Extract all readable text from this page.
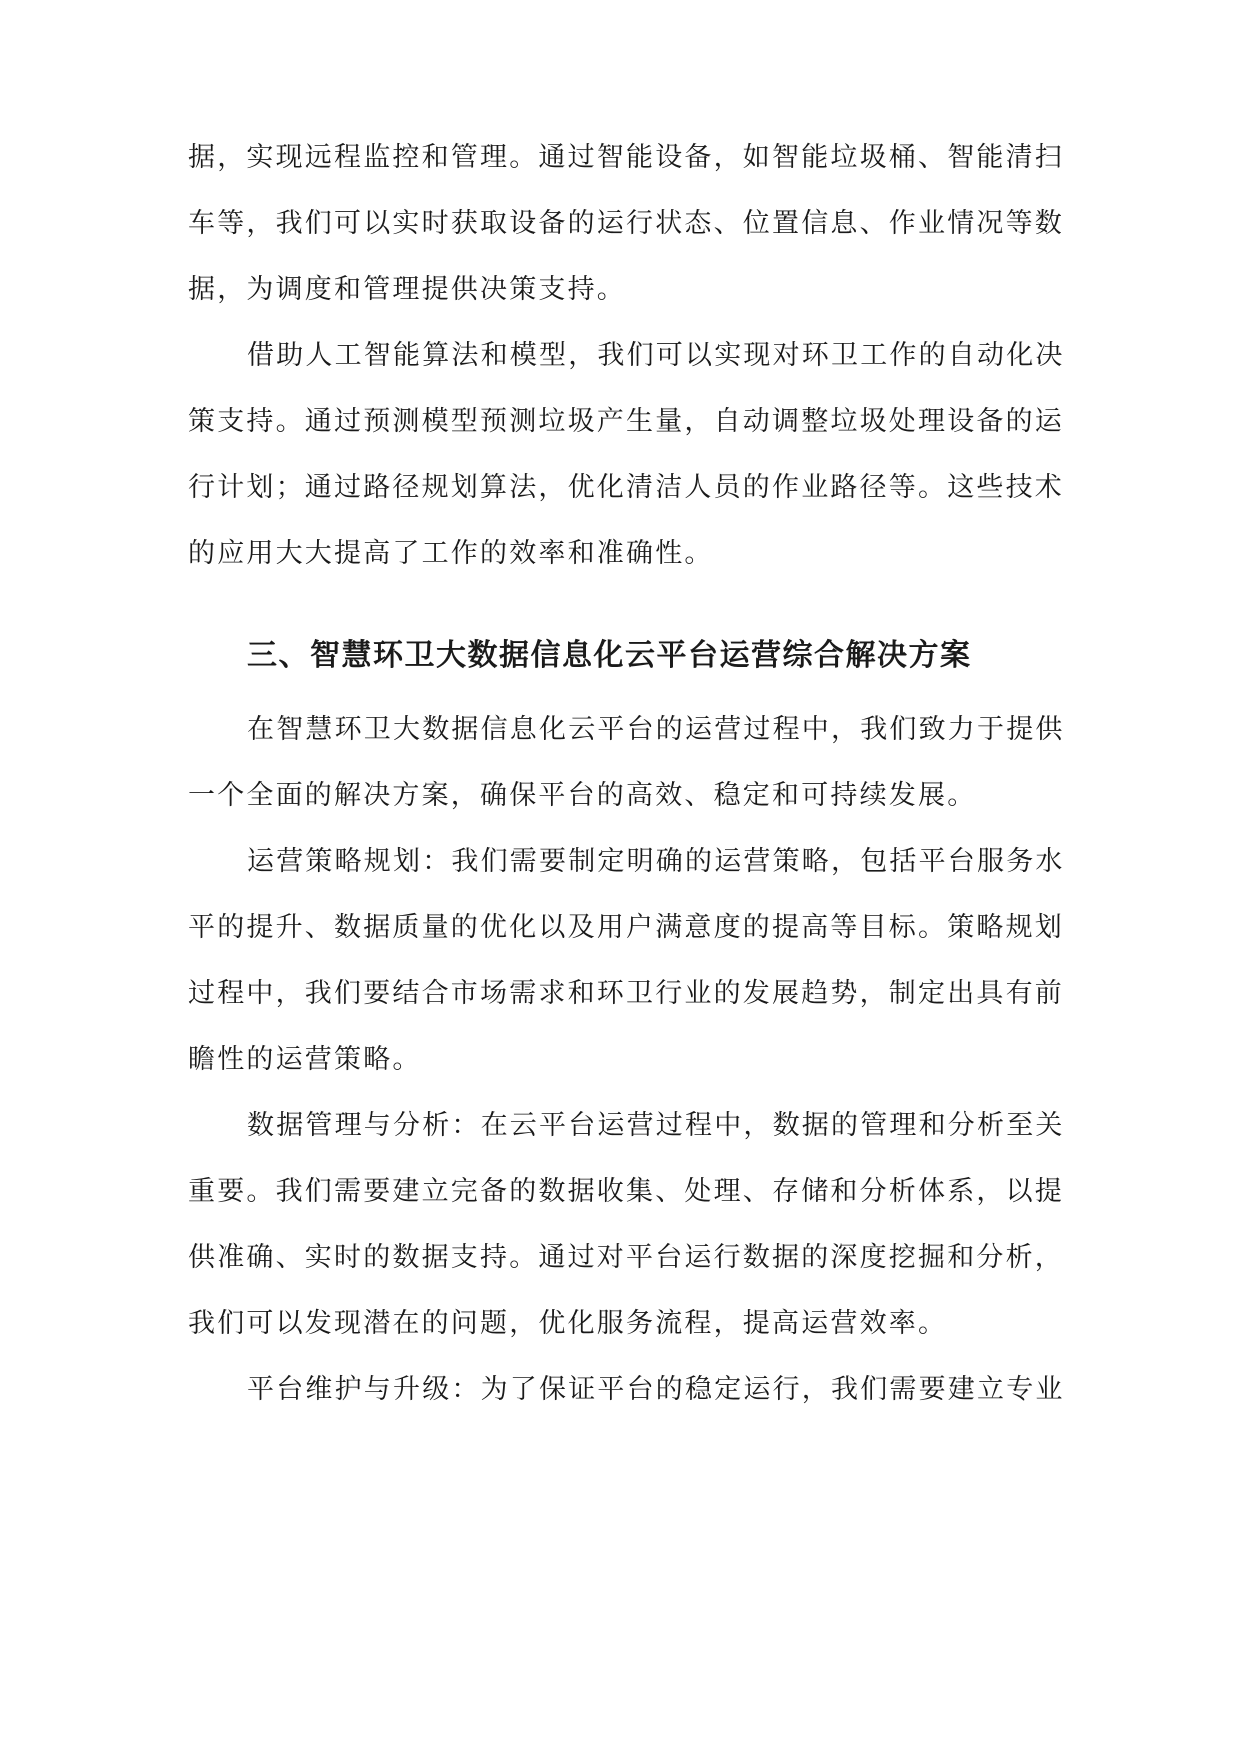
据，实现远程监控和管理。通过智能设备，如智能垃圾桶、智能清扫
车等，我们可以实时获取设备的运行状态、位置信息、作业情况等数
据，为调度和管理提供决策支持。
借助人工智能算法和模型，我们可以实现对环卫工作的自动化决
策支持。通过预测模型预测垃圾产生量，自动调整垃圾处理设备的运
行计划；通过路径规划算法，优化清洁人员的作业路径等。这些技术
的应用大大提高了工作的效率和准确性。
三、智慧环卫大数据信息化云平台运营综合解决方案
在智慧环卫大数据信息化云平台的运营过程中，我们致力于提供
一个全面的解决方案，确保平台的高效、稳定和可持续发展。
运营策略规划：我们需要制定明确的运营策略，包括平台服务水
平的提升、数据质量的优化以及用户满意度的提高等目标。策略规划
过程中，我们要结合市场需求和环卫行业的发展趋势，制定出具有前
瞻性的运营策略。
数据管理与分析：在云平台运营过程中，数据的管理和分析至关
重要。我们需要建立完备的数据收集、处理、存储和分析体系，以提
供准确、实时的数据支持。通过对平台运行数据的深度挖掘和分析，
我们可以发现潜在的问题，优化服务流程，提高运营效率。
平台维护与升级：为了保证平台的稳定运行，我们需要建立专业
